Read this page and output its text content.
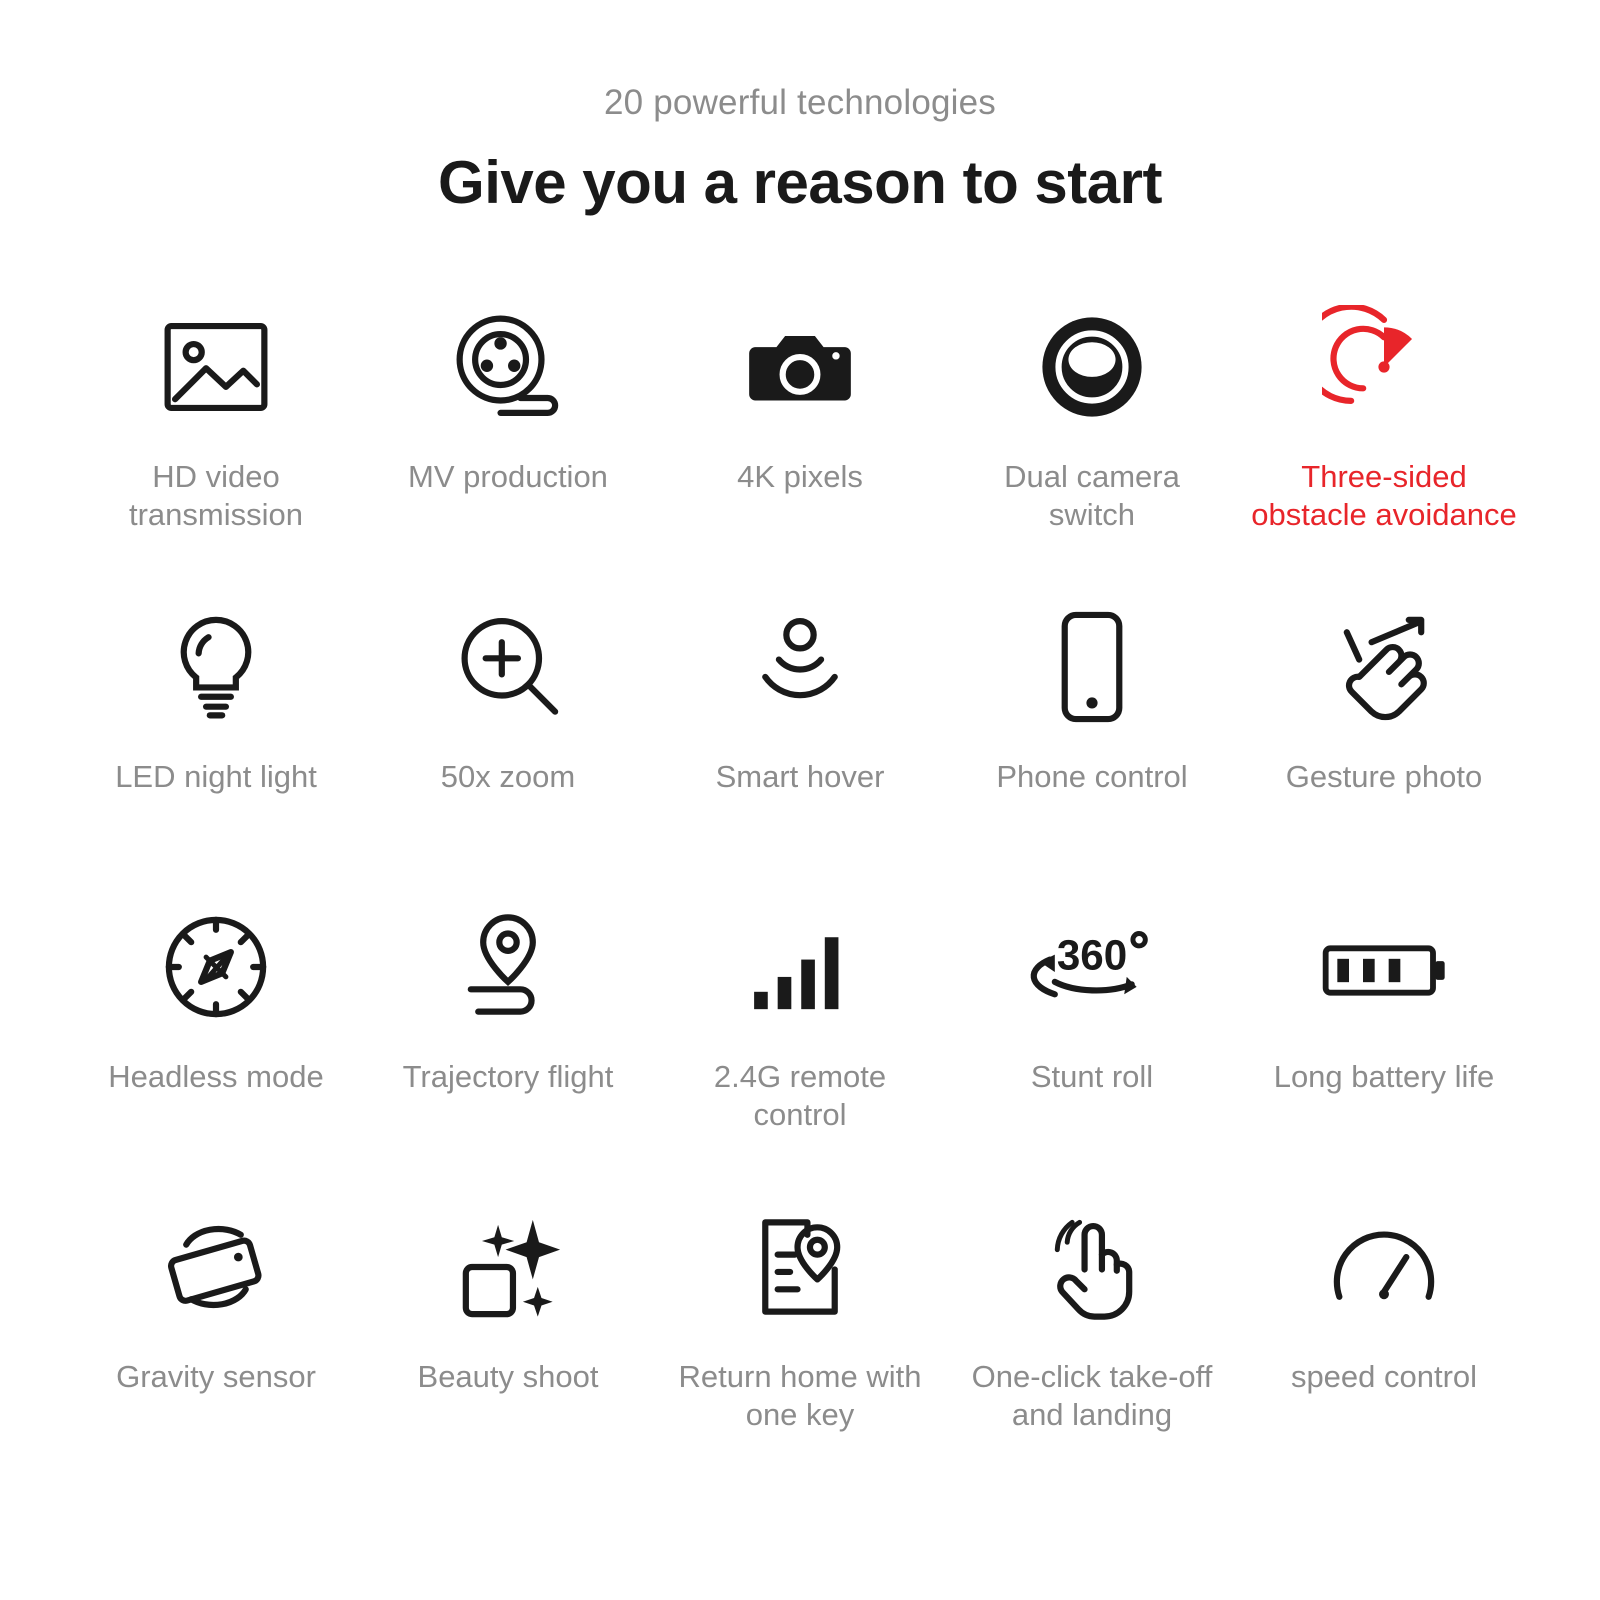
20 powerful technologies
Give you a reason to start
HD video transmission
MV production	4K pixels	Dual camera switch
Three-sided obstacle avoidance
LED night light	50x zoom	Smart hover	Phone control	Gesture photo
Headless mode	Trajectory flight	2.4G remote control
360
Stunt roll	Long battery life
Gravity sensor	Beauty shoot	Return home with one key
One-click take-off and landing
speed control
